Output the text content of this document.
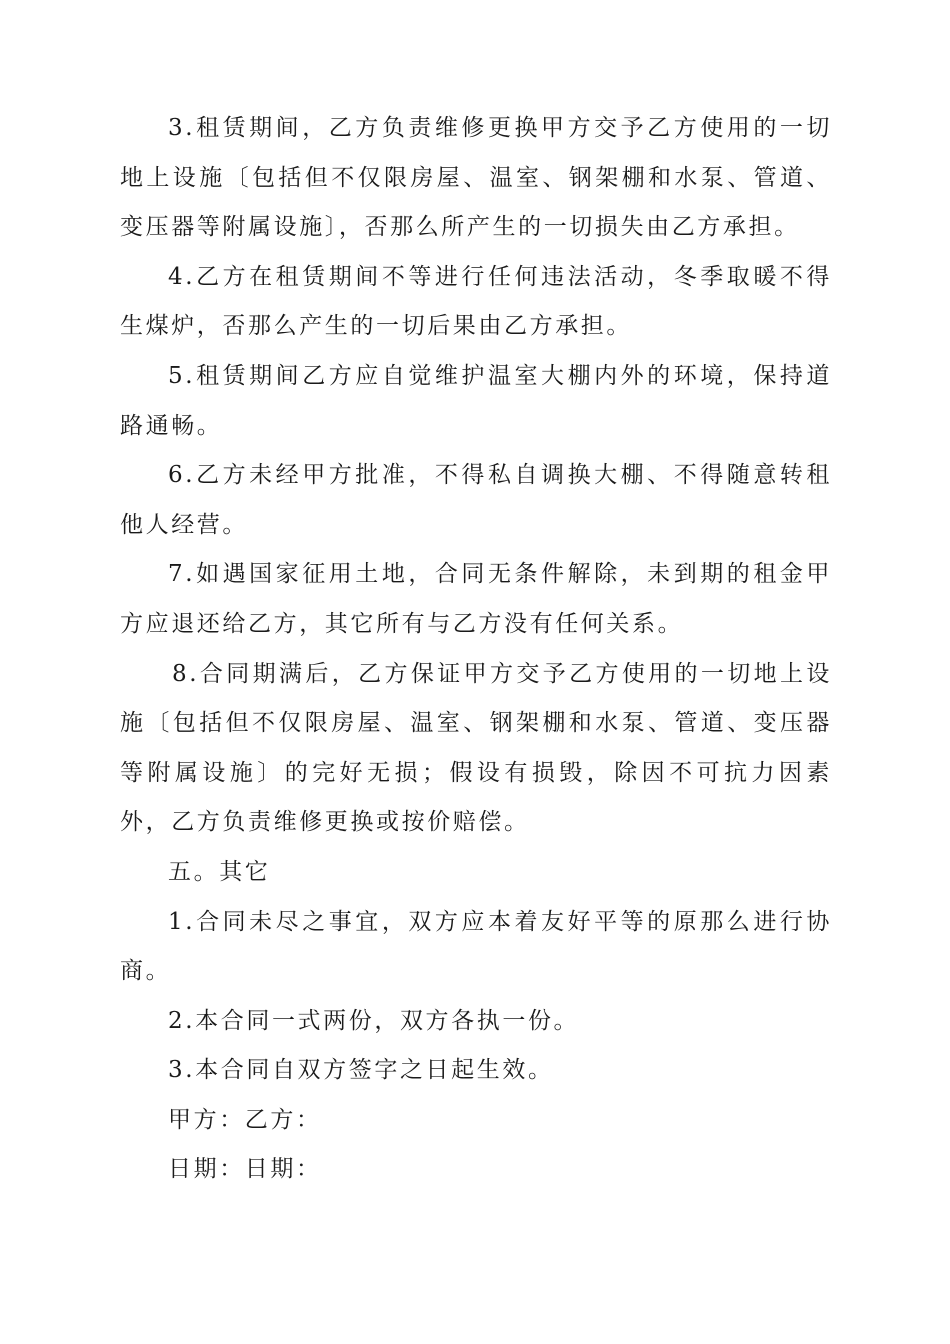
3.租赁期间，乙方负责维修更换甲方交予乙方使用的一切地上设施〔包括但不仅限房屋、温室、钢架棚和水泵、管道、变压器等附属设施〕，否那么所产生的一切损失由乙方承担。

4.乙方在租赁期间不等进行任何违法活动，冬季取暖不得生煤炉，否那么产生的一切后果由乙方承担。

5.租赁期间乙方应自觉维护温室大棚内外的环境，保持道路通畅。

6.乙方未经甲方批准，不得私自调换大棚、不得随意转租他人经营。

7.如遇国家征用土地，合同无条件解除，未到期的租金甲方应退还给乙方，其它所有与乙方没有任何关系。

8.合同期满后，乙方保证甲方交予乙方使用的一切地上设施〔包括但不仅限房屋、温室、钢架棚和水泵、管道、变压器等附属设施〕的完好无损；假设有损毁，除因不可抗力因素外，乙方负责维修更换或按价赔偿。

五。其它

1.合同未尽之事宜，双方应本着友好平等的原那么进行协商。

2.本合同一式两份，双方各执一份。

3.本合同自双方签字之日起生效。

甲方：乙方：

日期：日期：
